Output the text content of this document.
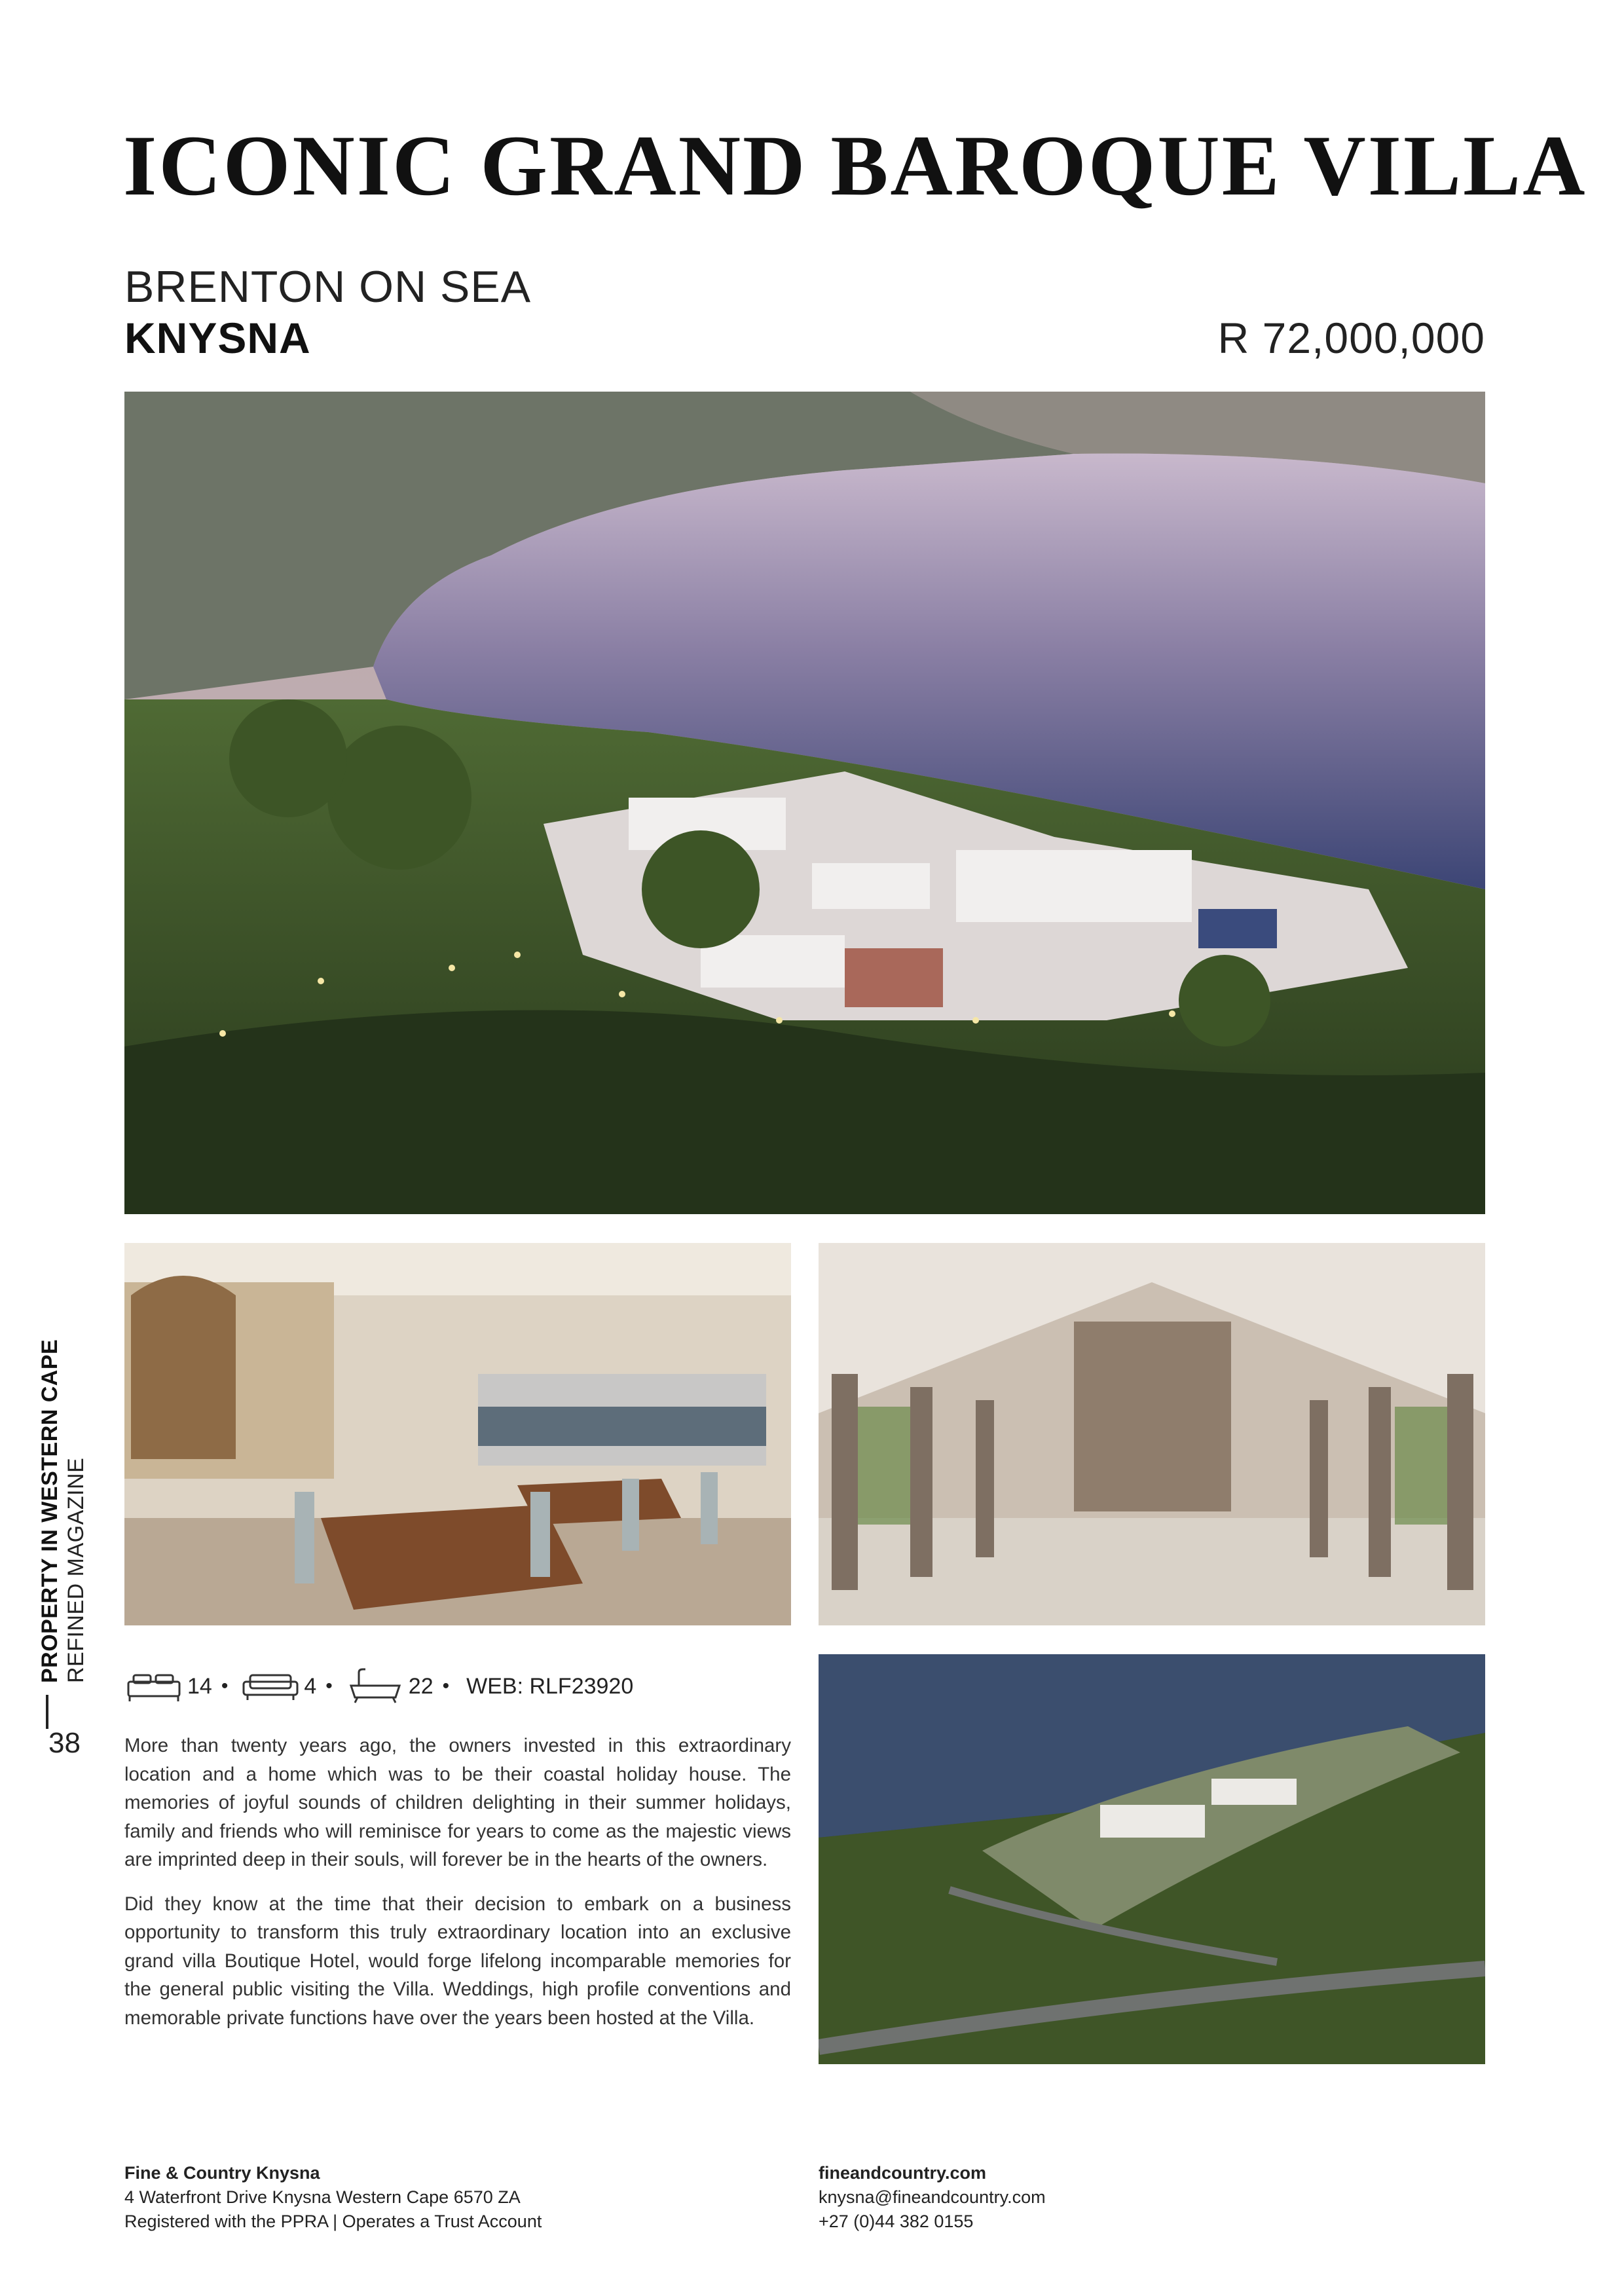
ICONIC GRAND BAROQUE VILLA
BRENTON ON SEA
KNYSNA	R 72,000,000
PROPERTY IN WESTERN CAPE REFINED MAGAZINE
38
14 •	4 •	22 • WEB: RLF23920

More than twenty years ago, the owners invested in this extraordinary location and a home which was to be their coastal holiday house. The memories of joyful sounds of children delighting in their summer holidays, family and friends who will reminisce for years to come as the majestic views are imprinted deep in their souls, will forever be in the hearts of the owners.

Did they know at the time that their decision to embark on a business opportunity to transform this truly extraordinary location into an exclusive grand villa Boutique Hotel, would forge lifelong incomparable memories for the general public visiting the Villa. Weddings, high profile conventions and memorable private functions have over the years been hosted at the Villa.

Fine & Country Knysna
4 Waterfront Drive Knysna Western Cape 6570 ZA
Registered with the PPRA | Operates a Trust Account
fineandcountry.com
knysna@fineandcountry.com
+27 (0)44 382 0155
